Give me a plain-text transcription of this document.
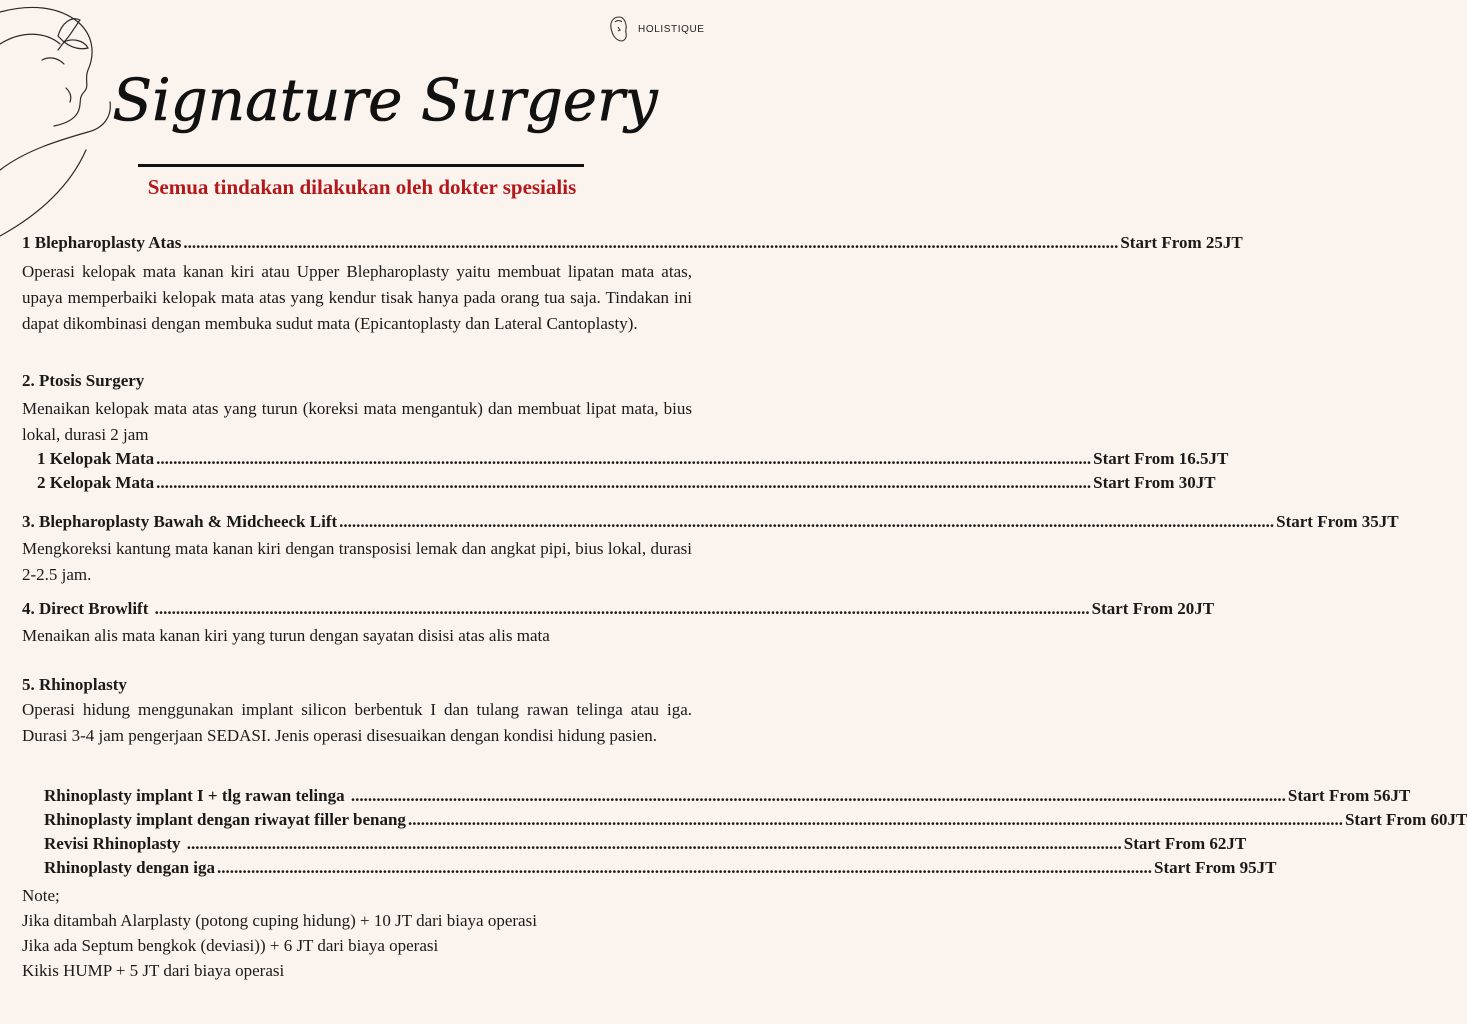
HOLISTIQUE
Signature Surgery
Semua tindakan dilakukan oleh dokter spesialis
1 Blepharoplasty Atas .....	Start From 25JT
Operasi kelopak mata kanan kiri atau Upper Blepharoplasty yaitu membuat lipatan mata atas, upaya memperbaiki kelopak mata atas yang kendur tisak hanya pada orang tua saja. Tindakan ini dapat dikombinasi dengan membuka sudut mata (Epicantoplasty dan Lateral Cantoplasty).
2. Ptosis Surgery
Menaikan kelopak mata atas yang turun (koreksi mata mengantuk) dan membuat lipat mata, bius lokal, durasi 2 jam
1 Kelopak Mata .....	Start From 16.5JT
2 Kelopak Mata .....	Start From 30JT
3. Blepharoplasty Bawah & Midcheeck Lift .....	Start From 35JT
Mengkoreksi kantung mata kanan kiri dengan transposisi lemak dan angkat pipi, bius lokal, durasi 2-2.5 jam.
4. Direct Browlift .....	Start From 20JT
Menaikan alis mata kanan kiri yang turun dengan sayatan disisi atas alis mata
5. Rhinoplasty
Operasi hidung menggunakan implant silicon berbentuk I dan tulang rawan telinga atau iga. Durasi 3-4 jam pengerjaan SEDASI. Jenis operasi disesuaikan dengan kondisi hidung pasien.
Rhinoplasty implant I + tlg rawan telinga .....	Start From 56JT
Rhinoplasty implant dengan riwayat filler benang .....	Start From 60JT
Revisi Rhinoplasty .....	Start From 62JT
Rhinoplasty dengan iga .....	Start From 95JT
Note;
Jika ditambah Alarplasty (potong cuping hidung) + 10 JT dari biaya operasi
Jika ada Septum bengkok (deviasi)) + 6 JT dari biaya operasi
Kikis HUMP + 5 JT dari biaya operasi
